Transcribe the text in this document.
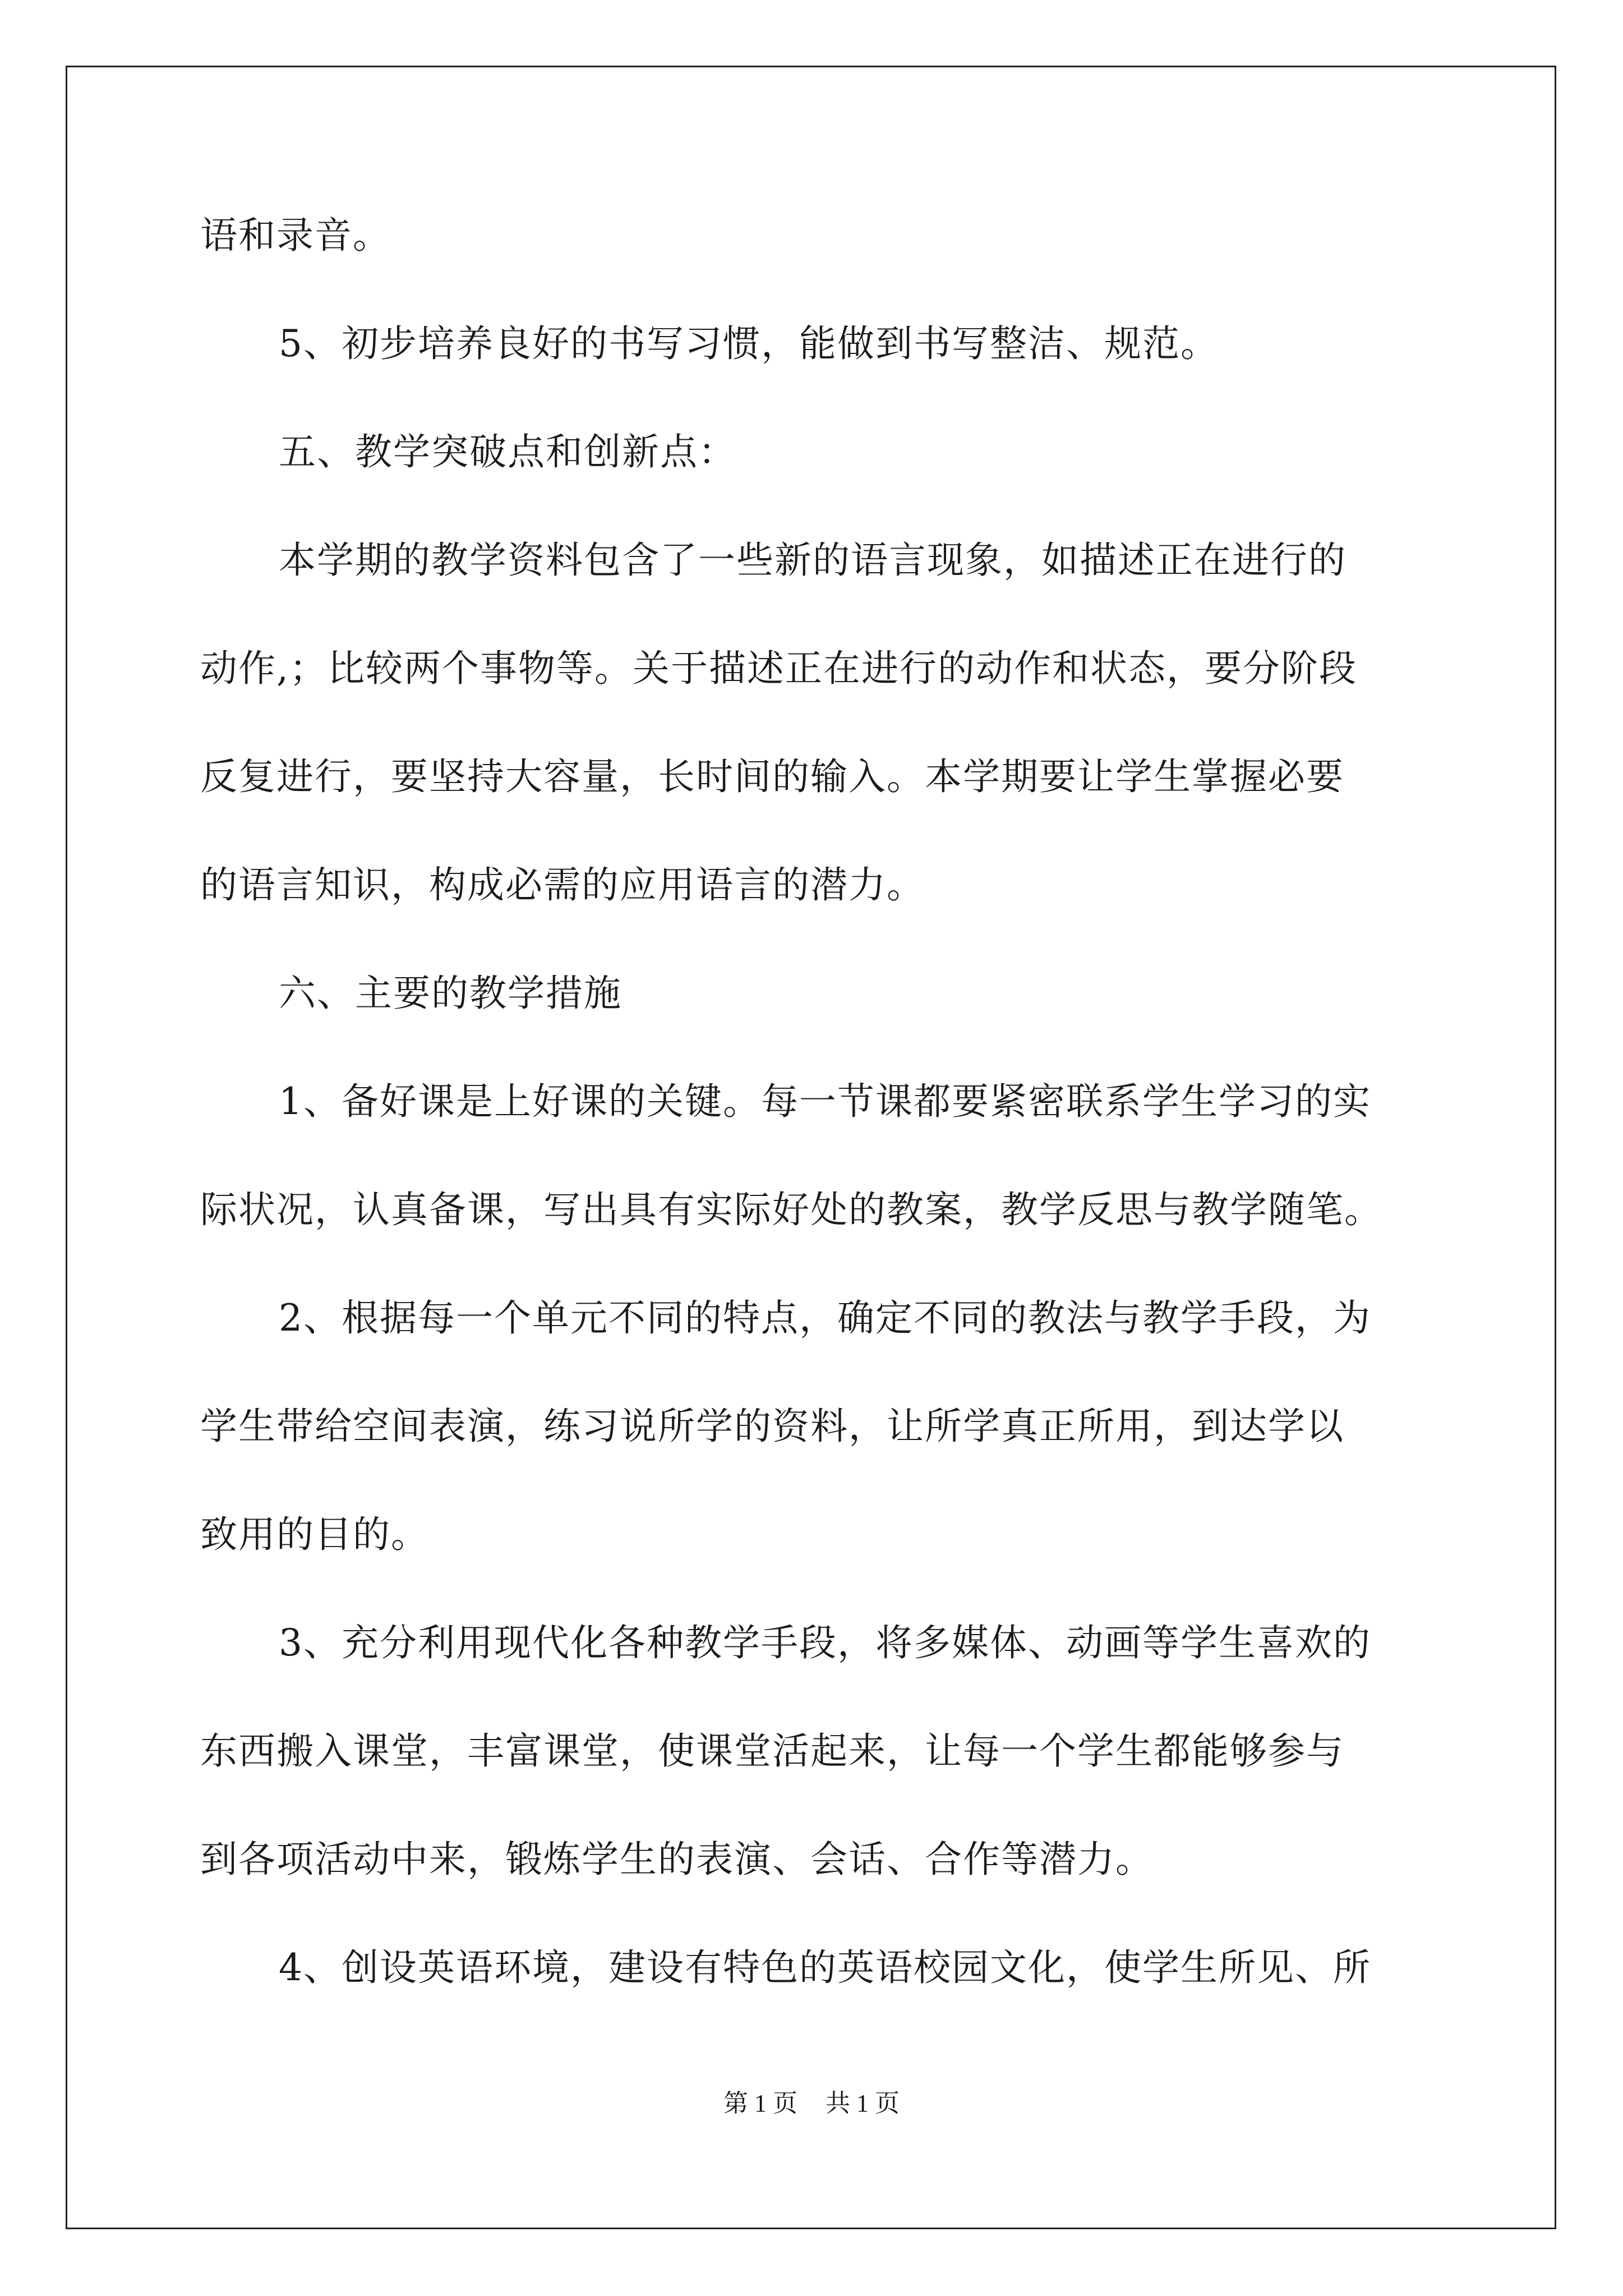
语和录音。
5、初步培养良好的书写习惯，能做到书写整洁、规范。
五、教学突破点和创新点：
本学期的教学资料包含了一些新的语言现象，如描述正在进行的
动作,；比较两个事物等。关于描述正在进行的动作和状态，要分阶段
反复进行，要坚持大容量，长时间的输入。本学期要让学生掌握必要
的语言知识，构成必需的应用语言的潜力。
六、主要的教学措施
1、备好课是上好课的关键。每一节课都要紧密联系学生学习的实
际状况，认真备课，写出具有实际好处的教案，教学反思与教学随笔。
2、根据每一个单元不同的特点，确定不同的教法与教学手段，为
学生带给空间表演，练习说所学的资料，让所学真正所用，到达学以
致用的目的。
3、充分利用现代化各种教学手段，将多媒体、动画等学生喜欢的
东西搬入课堂，丰富课堂，使课堂活起来，让每一个学生都能够参与
到各项活动中来，锻炼学生的表演、会话、合作等潜力。
4、创设英语环境，建设有特色的英语校园文化，使学生所见、所
第 1 页 共 1 页
